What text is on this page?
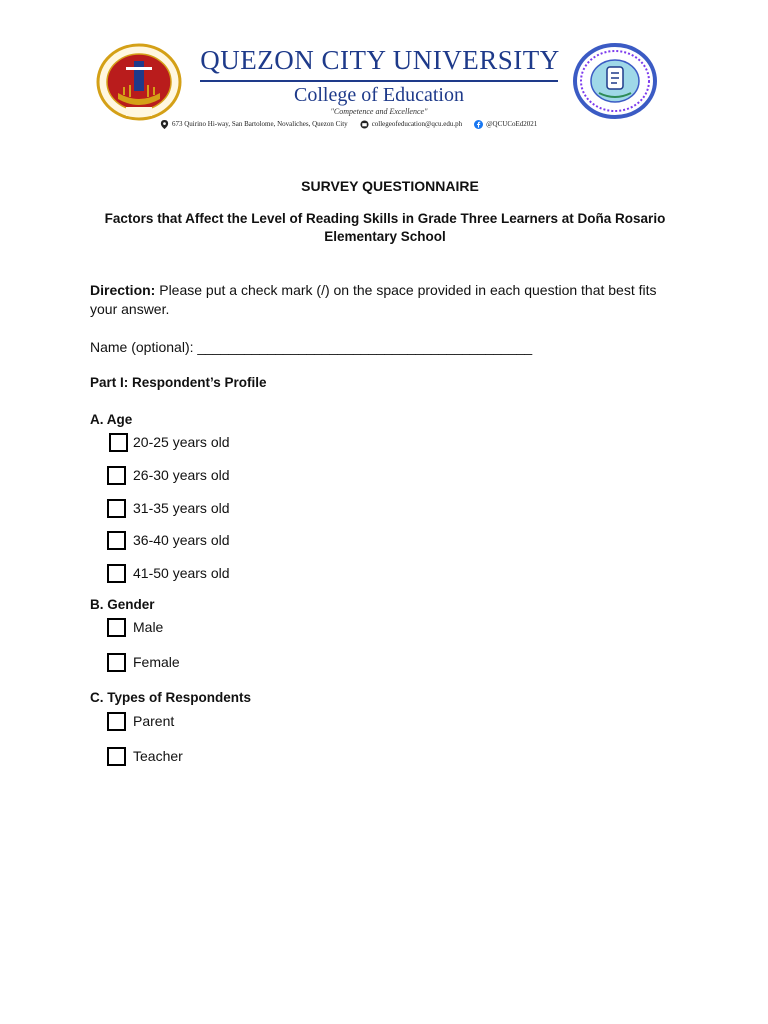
QUEZON CITY UNIVERSITY
College of Education
"Competence and Excellence"
673 Quirino Hi-way, San Bartolome, Novaliches, Quezon City	collegeofeducation@qcu.edu.ph	@QCUCoEd2021
SURVEY QUESTIONNAIRE
Factors that Affect the Level of Reading Skills in Grade Three Learners at Doña Rosario Elementary School
Direction: Please put a check mark (/) on the space provided in each question that best fits your answer.
Name (optional): ___________________________________________
Part I: Respondent’s Profile
A. Age
20-25 years old
26-30 years old
31-35 years old
36-40 years old
41-50 years old
B. Gender
Male
Female
C. Types of Respondents
Parent
Teacher
